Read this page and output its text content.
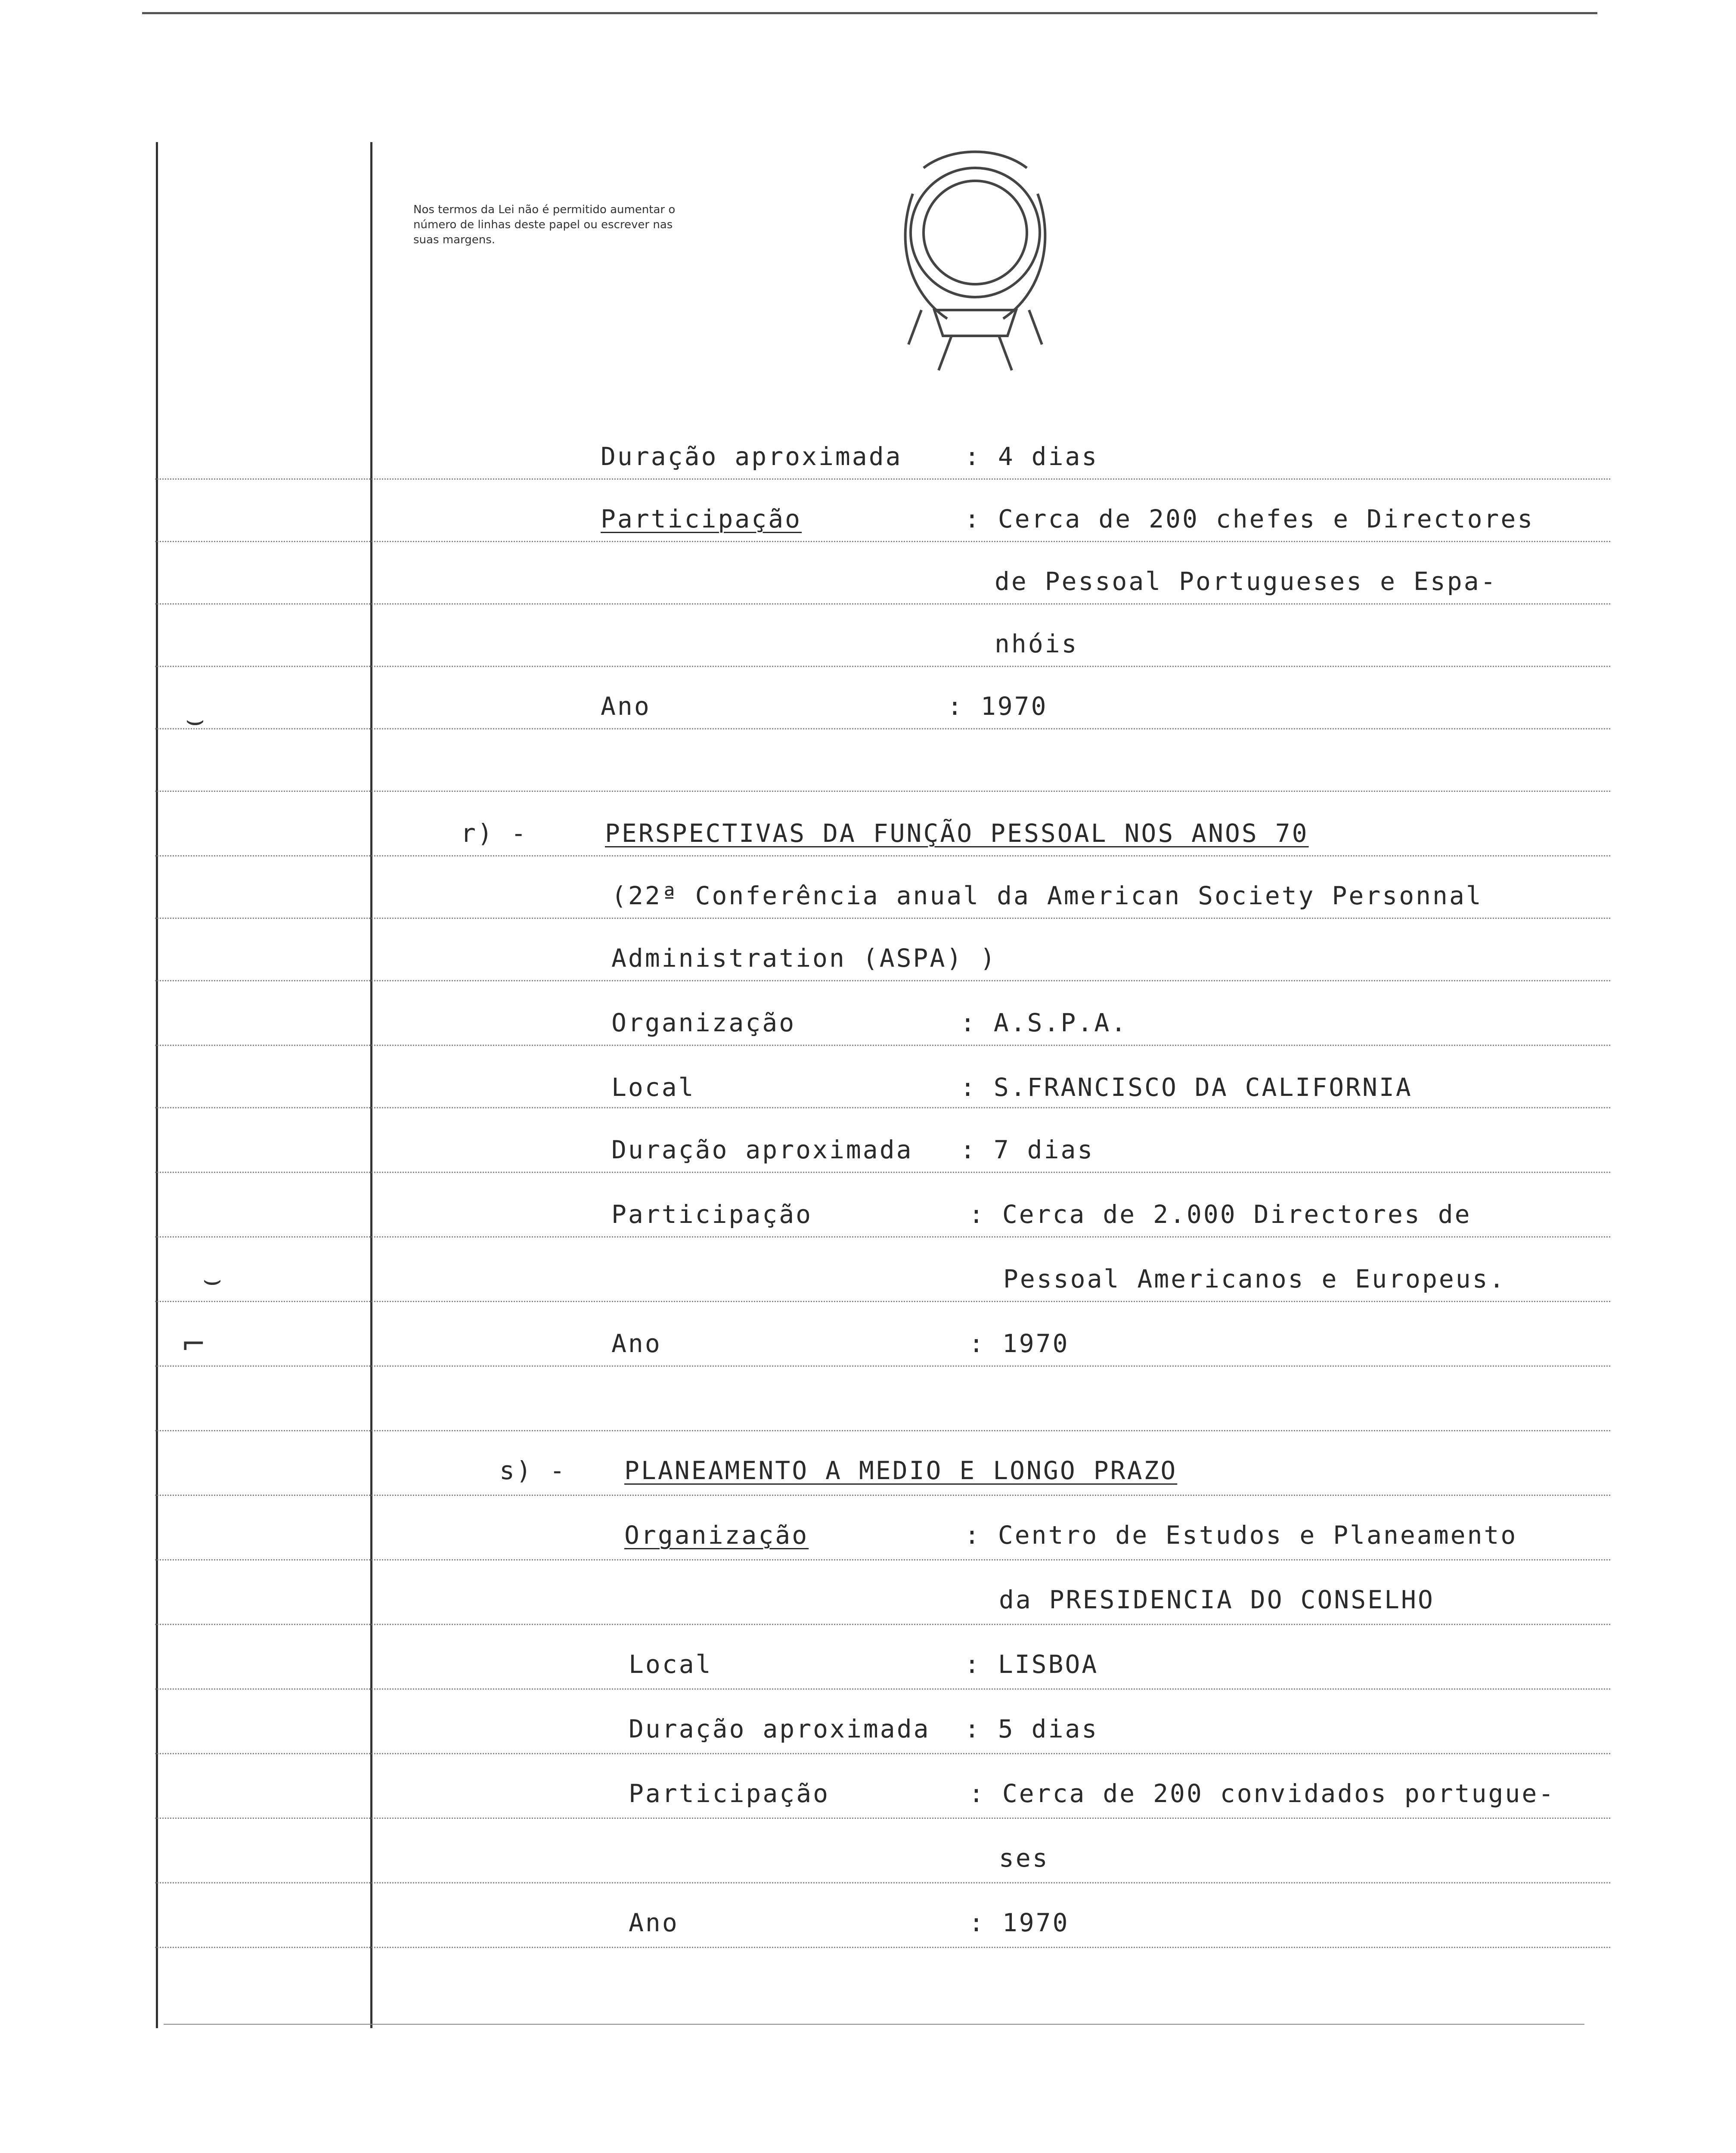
Nos termos da Lei não é permitido aumentar o número de linhas deste papel ou escrever nas suas margens.
⌣
⌣
⌐
Duração aproximada : 4 dias
Participação	: Cerca de 200 chefes e Directores
de Pessoal Portugueses e Espa-
nhóis
Ano	: 1970
r) -	PERSPECTIVAS DA FUNÇÃO PESSOAL NOS ANOS 70
(22ª Conferência anual da American Society Personnal
Administration (ASPA) )
Organização	: A.S.P.A.
Local	: S.FRANCISCO DA CALIFORNIA
Duração aproximada : 7 dias
Participação	: Cerca de 2.000 Directores de
Pessoal Americanos e Europeus.
Ano	: 1970
s) - PLANEAMENTO A MEDIO E LONGO PRAZO
Organização	: Centro de Estudos e Planeamento
da PRESIDENCIA DO CONSELHO
Local	: LISBOA
Duração aproximada : 5 dias
Participação	: Cerca de 200 convidados portugue-
ses
Ano	: 1970
